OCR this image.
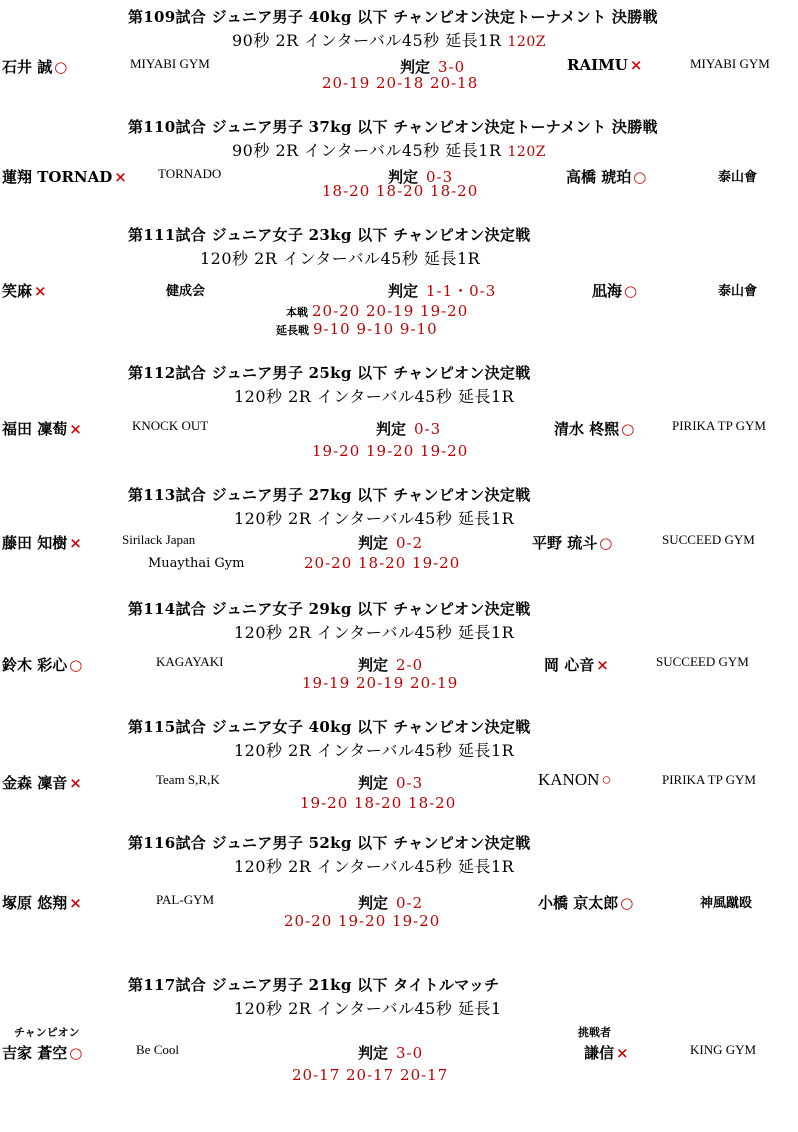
第109試合 ジュニア男子 40kg 以下 チャンピオン決定トーナメント 決勝戦
90秒 2R インターバル45秒 延長1R 120Z
石井 誠 ○	MIYABI GYM	判定 3-0	RAIMU ×	MIYABI GYM
20-19 20-18 20-18
第110試合 ジュニア男子 37kg 以下 チャンピオン決定トーナメント 決勝戦
90秒 2R インターバル45秒 延長1R 120Z
蓮翔 TORNAD × TORNADO	判定 0-3	高橋 琥珀 ○	泰山會
18-20 18-20 18-20
第111試合 ジュニア女子 23kg 以下 チャンピオン決定戦
120秒 2R インターバル45秒 延長1R
笑麻 ×	健成会	判定 1-1・0-3	凪海 ○	泰山會
本戦 20-20 20-19 19-20
延長戦 9-10 9-10 9-10
第112試合 ジュニア男子 25kg 以下 チャンピオン決定戦
120秒 2R インターバル45秒 延長1R
福田 凜萄 ×	KNOCK OUT	判定 0-3	清水 柊煕 ○	PIRIKA TP GYM
19-20 19-20 19-20
第113試合 ジュニア男子 27kg 以下 チャンピオン決定戦
120秒 2R インターバル45秒 延長1R
藤田 知樹 ×	Sirilack Japan	判定 0-2	平野 琉斗 ○	SUCCEED GYM
Muaythai Gym	20-20 18-20 19-20
第114試合 ジュニア女子 29kg 以下 チャンピオン決定戦
120秒 2R インターバル45秒 延長1R
鈴木 彩心 ○	KAGAYAKI	判定 2-0	岡 心音 ×	SUCCEED GYM
19-19 20-19 20-19
第115試合 ジュニア女子 40kg 以下 チャンピオン決定戦
120秒 2R インターバル45秒 延長1R
金森 凜音 ×	Team S,R,K	判定 0-3	KANON ○	PIRIKA TP GYM
19-20 18-20 18-20
第116試合 ジュニア男子 52kg 以下 チャンピオン決定戦
120秒 2R インターバル45秒 延長1R
塚原 悠翔 ×	PAL-GYM	判定 0-2	小橋 京太郎 ○	神風蹴殴
20-20 19-20 19-20
第117試合 ジュニア男子 21kg 以下 タイトルマッチ
120秒 2R インターバル45秒 延長1
チャンピオン	挑戦者
吉家 蒼空 ○	Be Cool	判定 3-0	謙信 ×	KING GYM
20-17 20-17 20-17
